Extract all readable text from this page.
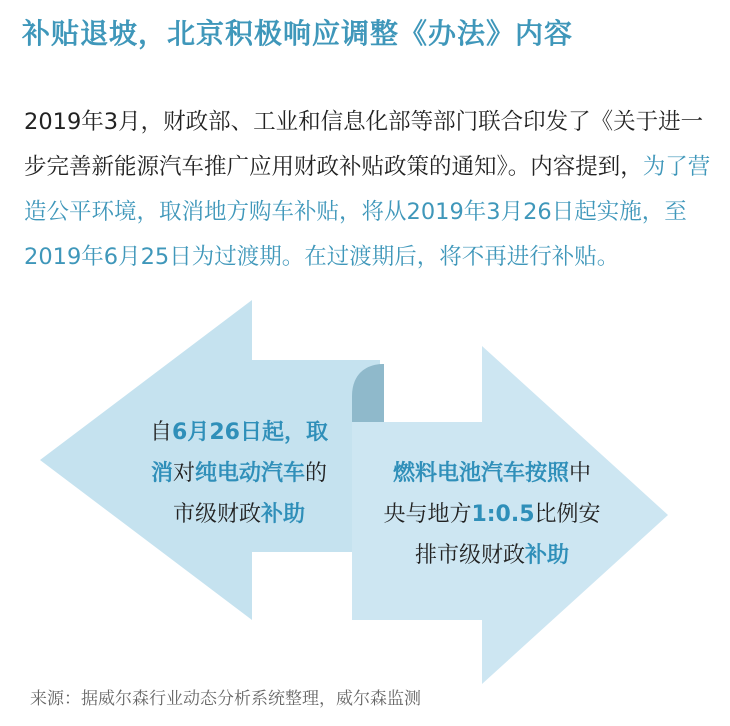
补贴退坡，北京积极响应调整《办法》内容

2019年3月，财政部、工业和信息化部等部门联合印发了《关于进一步完善新能源汽车推广应用财政补贴政策的通知》。内容提到，为了营造公平环境，取消地方购车补贴，将从2019年3月26日起实施，至2019年6月25日为过渡期。在过渡期后，将不再进行补贴。

自6月26日起，取
消对纯电动汽车的
市级财政补助
燃料电池汽车按照中
央与地方1:0.5比例安
排市级财政补助

来源：据威尔森行业动态分析系统整理，威尔森监测
